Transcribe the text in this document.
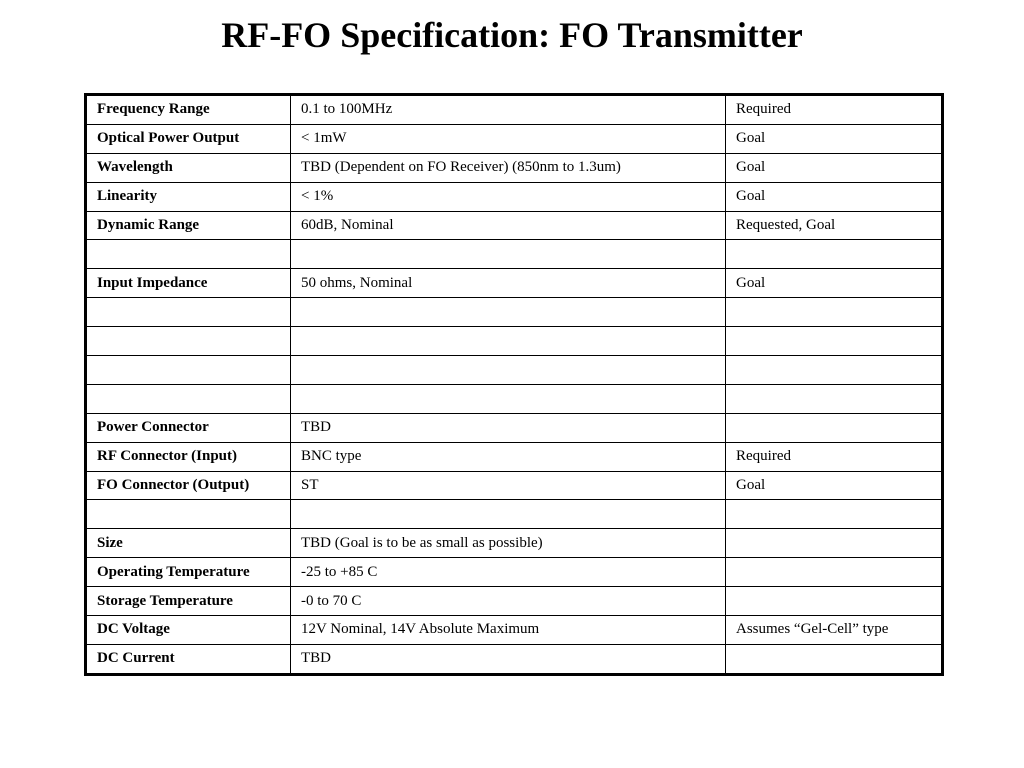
RF-FO Specification: FO Transmitter
Frequency Range	0.1 to 100MHz	Required
Optical Power Output	< 1mW	Goal
Wavelength	TBD (Dependent on FO Receiver) (850nm to 1.3um)	Goal
Linearity	< 1%	Goal
Dynamic Range	60dB, Nominal	Requested, Goal

Input Impedance	50 ohms, Nominal	Goal

Power Connector	TBD	
RF Connector (Input)	BNC type	Required
FO Connector (Output)	ST	Goal

Size	TBD (Goal is to be as small as possible)	
Operating Temperature	-25 to +85 C	
Storage Temperature	-0 to 70 C	
DC Voltage	12V Nominal, 14V Absolute Maximum	Assumes “Gel-Cell” type
DC Current	TBD	
